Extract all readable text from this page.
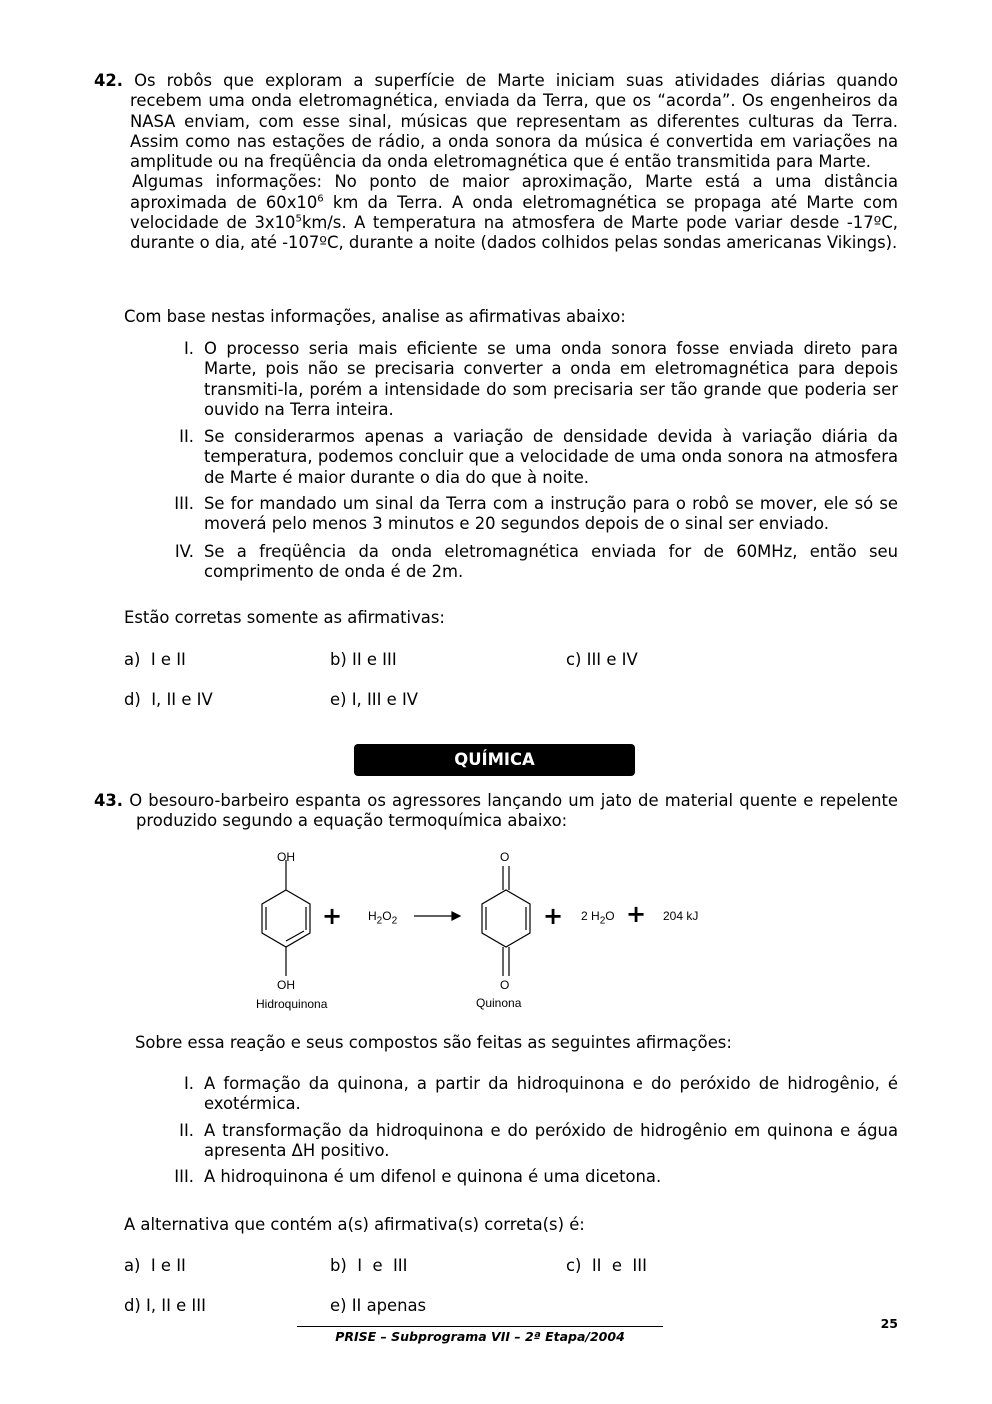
42. Os robôs que exploram a superfície de Marte iniciam suas atividades diárias quando recebem uma onda eletromagnética, enviada da Terra, que os “acorda”. Os engenheiros da NASA enviam, com esse sinal, músicas que representam as diferentes culturas da Terra. Assim como nas estações de rádio, a onda sonora da música é convertida em variações na amplitude ou na freqüência da onda eletromagnética que é então transmitida para Marte.

Algumas informações: No ponto de maior aproximação, Marte está a uma distância aproximada de $60x10^6$ km da Terra. A onda eletromagnética se propaga até Marte com velocidade de $3x10^5km/s$. A temperatura na atmosfera de Marte pode variar desde -17ºC, durante o dia, até -107ºC, durante a noite (dados colhidos pelas sondas americanas Vikings).

Com base nestas informações, analise as afirmativas abaixo:
I. O processo seria mais eficiente se uma onda sonora fosse enviada direto para Marte, pois não se precisaria converter a onda em eletromagnética para depois transmiti-la, porém a intensidade do som precisaria ser tão grande que poderia ser ouvido na Terra inteira.
II. Se considerarmos apenas a variação de densidade devida à variação diária da temperatura, podemos concluir que a velocidade de uma onda sonora na atmosfera de Marte é maior durante o dia do que à noite.
III. Se for mandado um sinal da Terra com a instrução para o robô se mover, ele só se moverá pelo menos 3 minutos e 20 segundos depois de o sinal ser enviado.
IV. Se a freqüência da onda eletromagnética enviada for de 60MHz, então seu comprimento de onda é de 2m.
Estão corretas somente as afirmativas:
a)  I e II	b) II e III	c) III e IV
d)  I, II e IV	e) I, III e IV
QUÍMICA

43. O besouro-barbeiro espanta os agressores lançando um jato de material quente e repelente produzido segundo a equação termoquímica abaixo:

OH
OH
Hidroquinona
+ $H_2O_2$
O
O
Quinona
+ 2 $H_2O + 204$ kJ
Sobre essa reação e seus compostos são feitas as seguintes afirmações:
I. A formação da quinona, a partir da hidroquinona e do peróxido de hidrogênio, é exotérmica.
II. A transformação da hidroquinona e do peróxido de hidrogênio em quinona e água apresenta ΔH positivo.
III. A hidroquinona é um difenol e quinona é uma dicetona.
A alternativa que contém a(s) afirmativa(s) correta(s) é:
a)  I e II	b)  I  e  III	c)  II  e  III
d) I, II e III	e) II apenas
PRISE – Subprograma VII – 2ª Etapa/2004
25
